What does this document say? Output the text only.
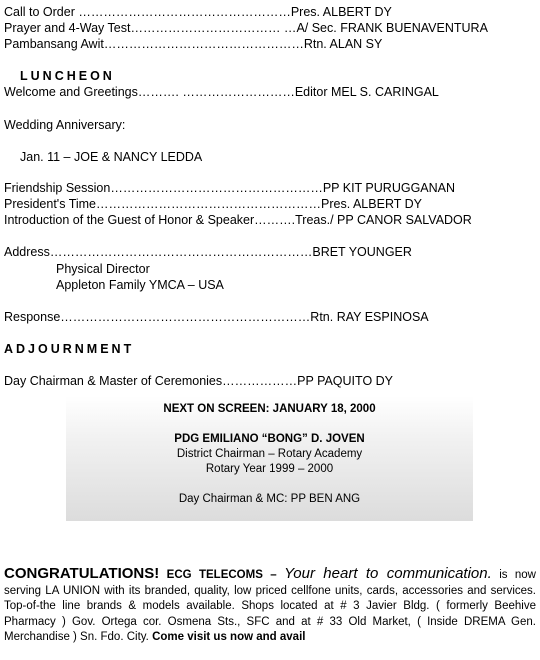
Call to Order ……………………………………………Pres. ALBERT DY
Prayer and 4-Way Test……………………………… …A/ Sec. FRANK BUENAVENTURA
Pambansang Awit…………………………………………Rtn. ALAN SY
LUNCHEON
Welcome and Greetings………. ………………………Editor MEL S. CARINGAL
Wedding Anniversary:
Jan. 11 – JOE & NANCY LEDDA
Friendship Session……………………………………………PP KIT PURUGGANAN
President's Time………………………………………………Pres. ALBERT DY
Introduction of the Guest of Honor & Speaker……….Treas./ PP CANOR SALVADOR
Address………………………………………………………BRET YOUNGER
Physical Director
Appleton Family YMCA – USA
Response……………………………………………………Rtn. RAY ESPINOSA
ADJOURNMENT
Day Chairman & Master of Ceremonies………………PP PAQUITO DY
NEXT ON SCREEN: JANUARY 18, 2000
PDG EMILIANO “BONG” D. JOVEN
District Chairman – Rotary Academy
Rotary Year 1999 – 2000
Day Chairman & MC: PP BEN ANG
CONGRATULATIONS! ECG TELECOMS – Your heart to communication. is now serving LA UNION with its branded, quality, low priced cellfone units, cards, accessories and services. Top-of-the line brands & models available. Shops located at # 3 Javier Bldg. ( formerly Beehive Pharmacy ) Gov. Ortega cor. Osmena Sts., SFC and at # 33 Old Market, ( Inside DREMA Gen. Merchandise ) Sn. Fdo. City. Come visit us now and avail
